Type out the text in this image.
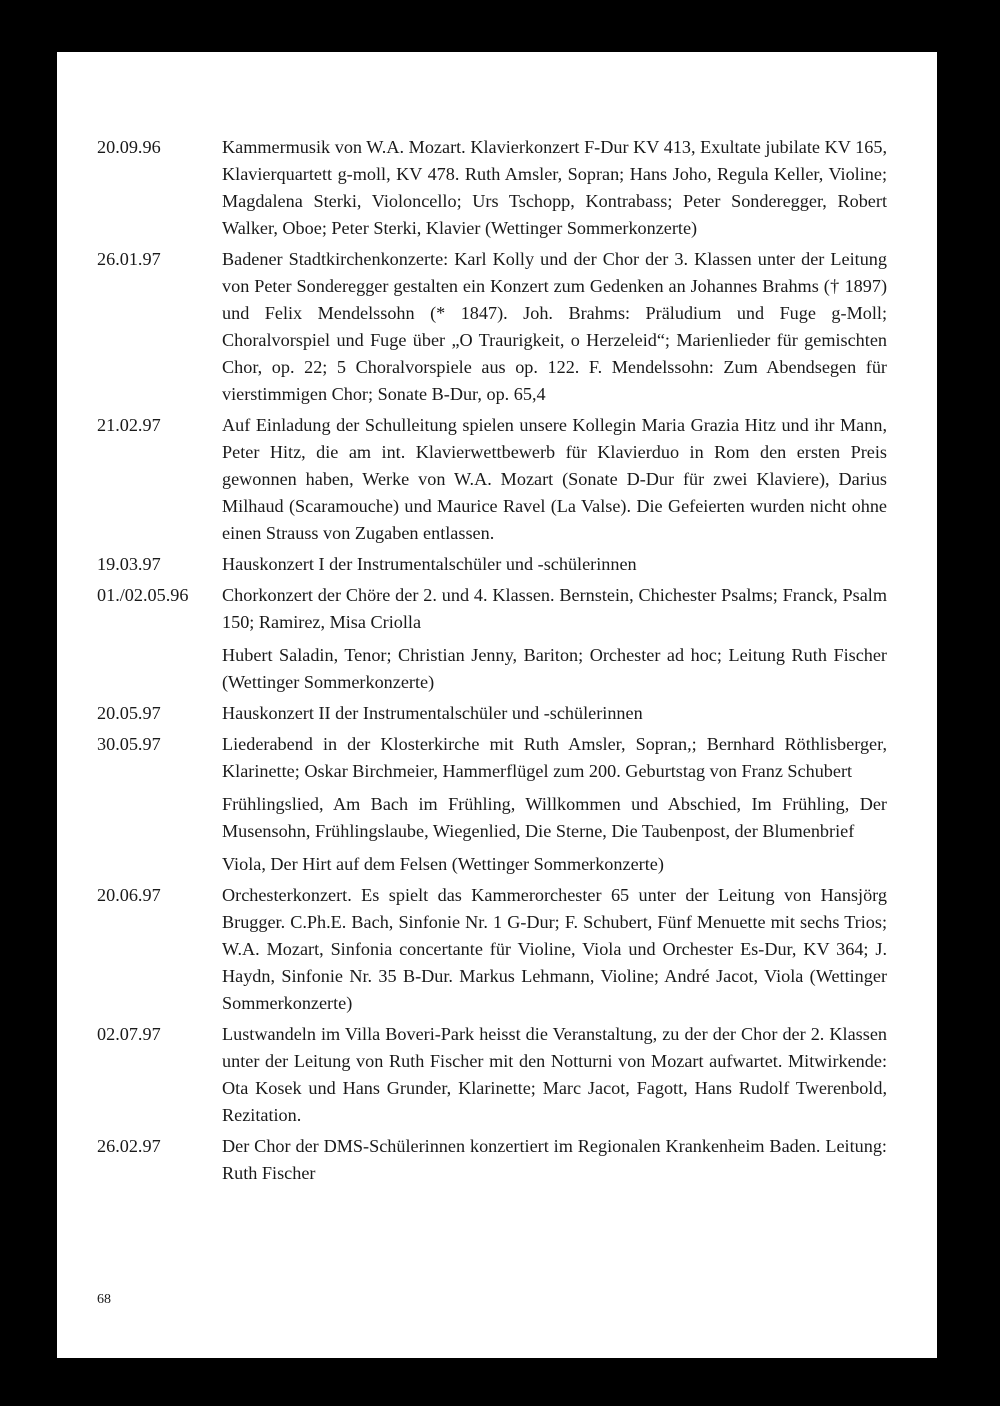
20.09.96	Kammermusik von W.A. Mozart. Klavierkonzert F-Dur KV 413, Exultate jubilate KV 165, Klavierquartett g-moll, KV 478. Ruth Amsler, Sopran; Hans Joho, Regula Keller, Violine; Magdalena Sterki, Violoncello; Urs Tschopp, Kontrabass; Peter Sonderegger, Robert Walker, Oboe; Peter Sterki, Klavier (Wettinger Sommerkonzerte)

26.01.97	Badener Stadtkirchenkonzerte: Karl Kolly und der Chor der 3. Klassen unter der Leitung von Peter Sonderegger gestalten ein Konzert zum Gedenken an Johannes Brahms († 1897) und Felix Mendelssohn (* 1847). Joh. Brahms: Präludium und Fuge g-Moll; Choralvorspiel und Fuge über „O Traurigkeit, o Herzeleid“; Marienlieder für gemischten Chor, op. 22; 5 Choralvorspiele aus op. 122. F. Mendelssohn: Zum Abendsegen für vierstimmigen Chor; Sonate B-Dur, op. 65,4

21.02.97	Auf Einladung der Schulleitung spielen unsere Kollegin Maria Grazia Hitz und ihr Mann, Peter Hitz, die am int. Klavierwettbewerb für Klavierduo in Rom den ersten Preis gewonnen haben, Werke von W.A. Mozart (Sonate D-Dur für zwei Klaviere), Darius Milhaud (Scaramouche) und Maurice Ravel (La Valse). Die Gefeierten wurden nicht ohne einen Strauss von Zugaben entlassen.

19.03.97	Hauskonzert I der Instrumentalschüler und -schülerinnen

01./02.05.96	Chorkonzert der Chöre der 2. und 4. Klassen. Bernstein, Chichester Psalms; Franck, Psalm 150; Ramirez, Misa Criolla

Hubert Saladin, Tenor; Christian Jenny, Bariton; Orchester ad hoc; Leitung Ruth Fischer (Wettinger Sommerkonzerte)

20.05.97	Hauskonzert II der Instrumentalschüler und -schülerinnen

30.05.97	Liederabend in der Klosterkirche mit Ruth Amsler, Sopran,; Bernhard Röthlisberger, Klarinette; Oskar Birchmeier, Hammerflügel zum 200. Geburtstag von Franz Schubert

Frühlingslied, Am Bach im Frühling, Willkommen und Abschied, Im Frühling, Der Musensohn, Frühlingslaube, Wiegenlied, Die Sterne, Die Taubenpost, der Blumenbrief

Viola, Der Hirt auf dem Felsen (Wettinger Sommerkonzerte)

20.06.97	Orchesterkonzert. Es spielt das Kammerorchester 65 unter der Leitung von Hansjörg Brugger. C.Ph.E. Bach, Sinfonie Nr. 1 G-Dur; F. Schubert, Fünf Menuette mit sechs Trios; W.A. Mozart, Sinfonia concertante für Violine, Viola und Orchester Es-Dur, KV 364; J. Haydn, Sinfonie Nr. 35 B-Dur. Markus Lehmann, Violine; André Jacot, Viola (Wettinger Sommerkonzerte)

02.07.97	Lustwandeln im Villa Boveri-Park heisst die Veranstaltung, zu der der Chor der 2. Klassen unter der Leitung von Ruth Fischer mit den Notturni von Mozart aufwartet. Mitwirkende: Ota Kosek und Hans Grunder, Klarinette; Marc Jacot, Fagott, Hans Rudolf Twerenbold, Rezitation.

26.02.97	Der Chor der DMS-Schülerinnen konzertiert im Regionalen Krankenheim Baden. Leitung: Ruth Fischer

68
